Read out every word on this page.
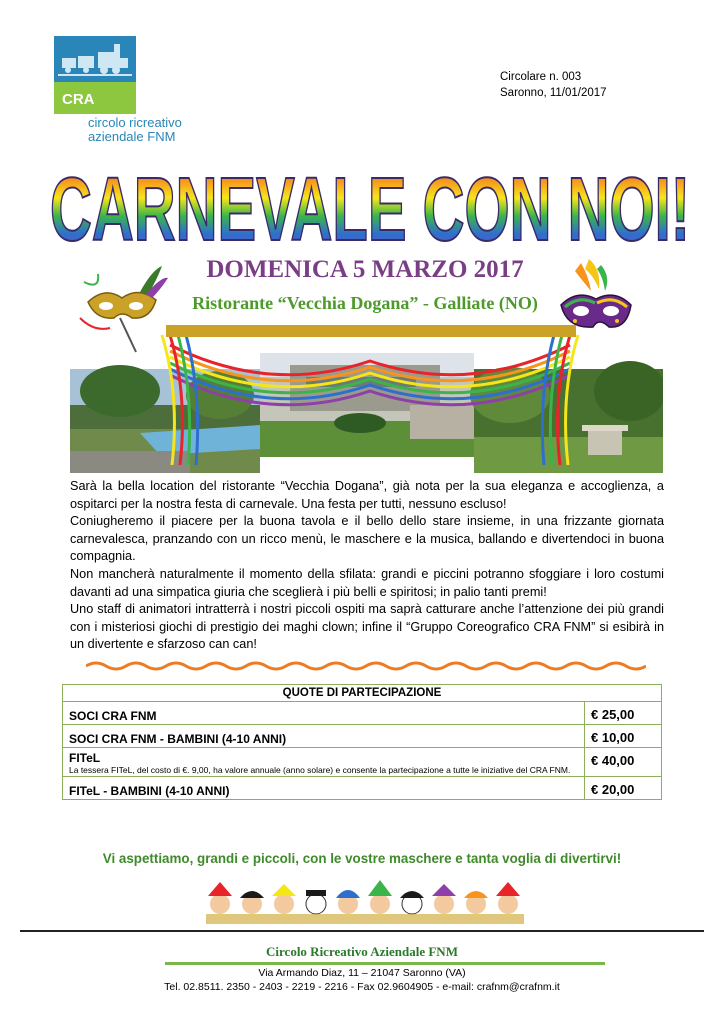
CRA
circolo ricreativo
aziendale FNM
Circolare n. 003
Saronno, 11/01/2017
CARNEVALE CON NOI!
DOMENICA 5 MARZO 2017
Ristorante “Vecchia Dogana” - Galliate (NO)

Sarà la bella location del ristorante “Vecchia Dogana”, già nota per la sua eleganza e accoglienza, a ospitarci per la nostra festa di carnevale. Una festa per tutti, nessuno escluso!

Coniugheremo il piacere per la buona tavola e il bello dello stare insieme, in una frizzante giornata carnevalesca, pranzando con un ricco menù, le maschere e la musica, ballando e divertendoci in buona compagnia.

Non mancherà naturalmente il momento della sfilata: grandi e piccini potranno sfoggiare i loro costumi davanti ad una simpatica giuria che sceglierà i più belli e spiritosi; in palio tanti premi!

Uno staff di animatori intratterrà i nostri piccoli ospiti ma saprà catturare anche l’attenzione dei più grandi con i misteriosi giochi di prestigio dei maghi clown; infine il “Gruppo Coreografico CRA FNM” si esibirà in un divertente e sfarzoso can can!

QUOTE DI PARTECIPAZIONE	
SOCI CRA FNM	€ 25,00
SOCI CRA FNM - BAMBINI (4-10 ANNI)	€ 10,00
FITeL
La tessera FITeL, del costo di €. 9,00, ha valore annuale (anno solare) e consente la partecipazione a tutte le iniziative del CRA FNM.	€ 40,00
FITeL - BAMBINI (4-10 ANNI)	€ 20,00
Vi aspettiamo, grandi e piccoli, con le vostre maschere e tanta voglia di divertirvi!
Circolo Ricreativo Aziendale FNM
Via Armando Diaz, 11 – 21047 Saronno (VA)
Tel. 02.8511. 2350 - 2403 - 2219 - 2216 - Fax 02.9604905 - e-mail: crafnm@crafnm.it
